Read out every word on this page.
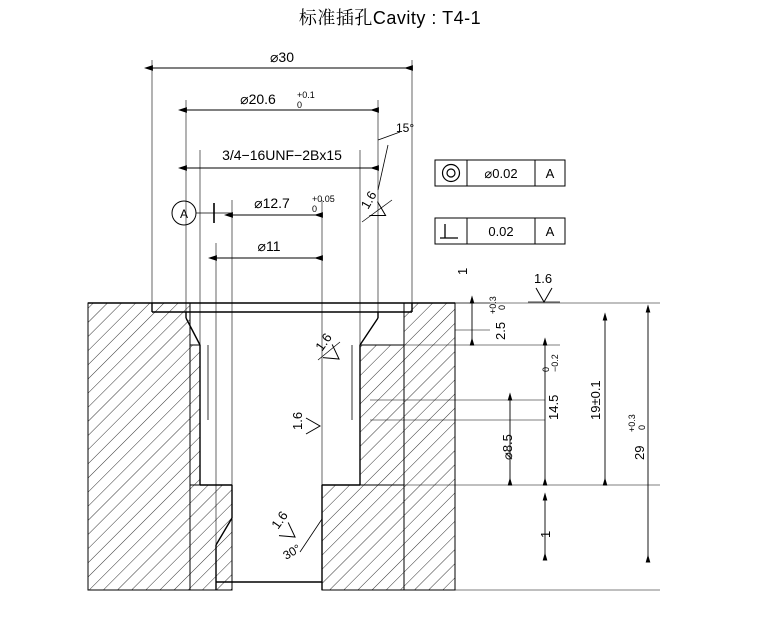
标准插孔Cavity : T4-1
⌀30
⌀20.6 +0.1
0
3/4−16UNF−2Bx15
⌀12.7 +0.05
0
⌀11
A
⌀0.02 A
0.02 A
15°
1.6
1.6
1.6
1.6
1.6
30°
2.5
+0.3 0
1
14.5
0 −0.2
⌀8.5
19±0.1
29
+0.3 0
1
